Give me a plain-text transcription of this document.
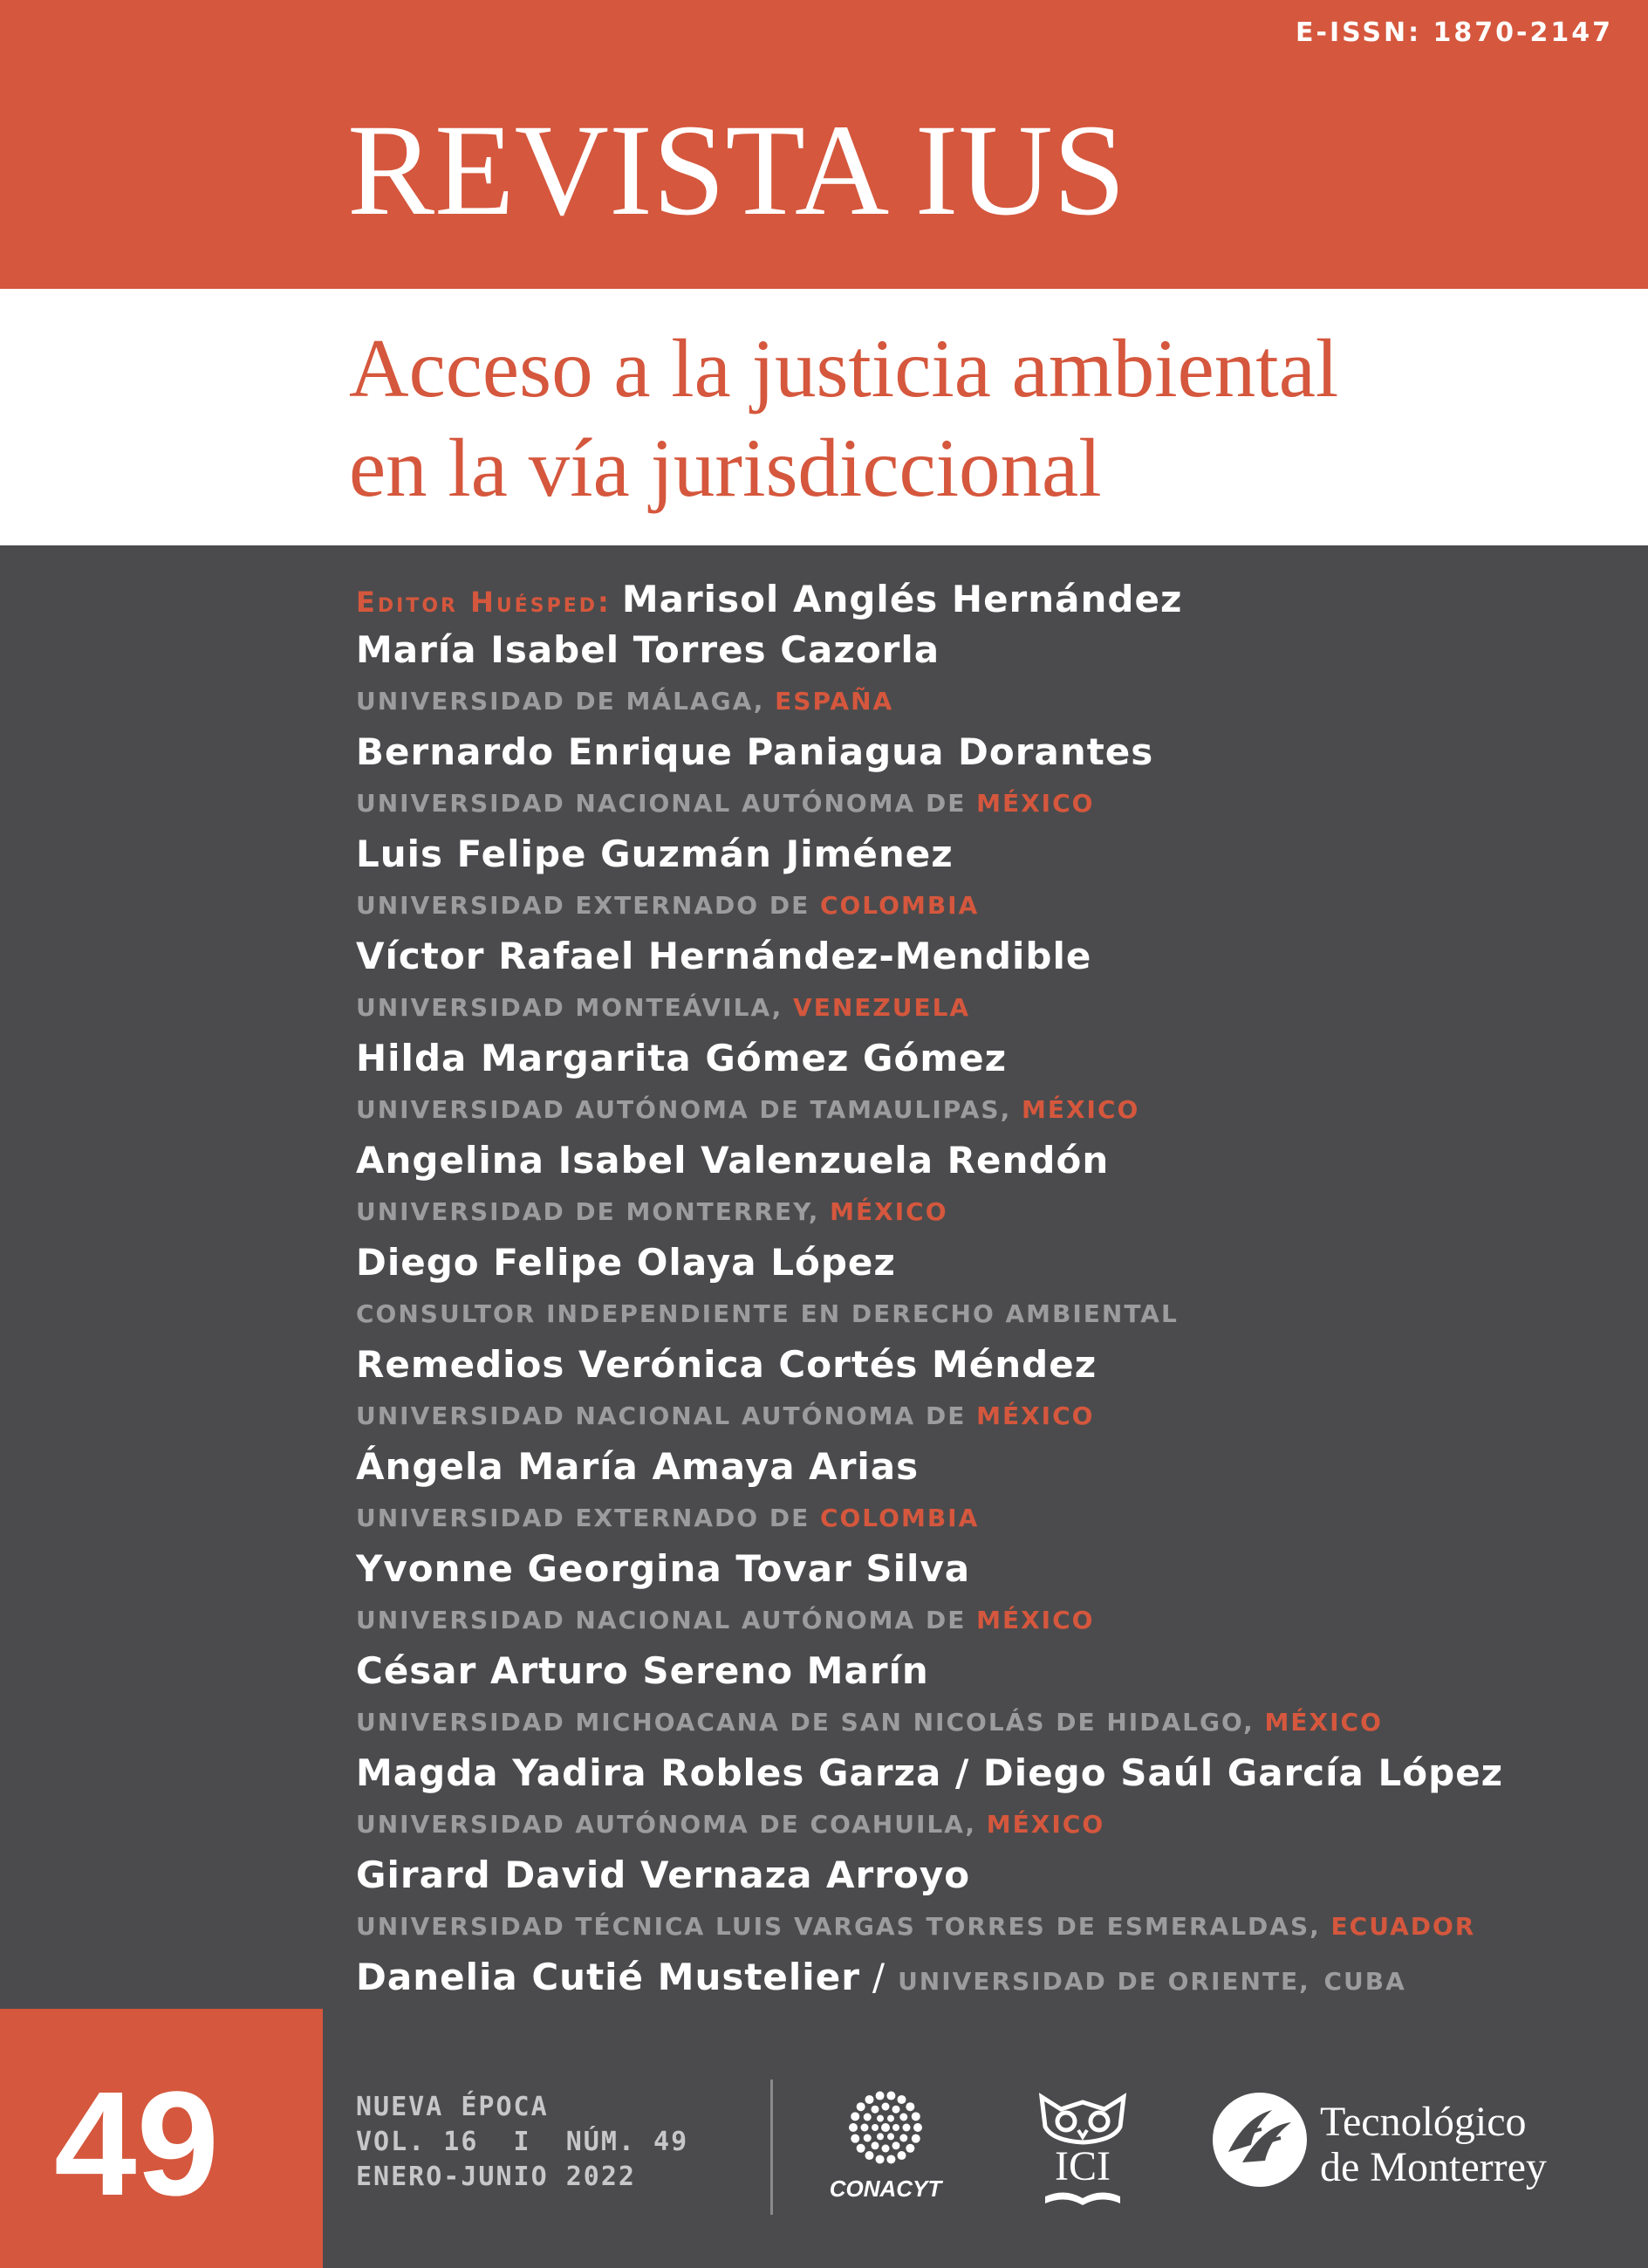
E-ISSN: 1870-2147
REVISTA IUS
Acceso a la justicia ambiental
en la vía jurisdiccional
Editor Huésped: Marisol Anglés Hernández
María Isabel Torres Cazorla
UNIVERSIDAD DE MÁLAGA, ESPAÑA
Bernardo Enrique Paniagua Dorantes
UNIVERSIDAD NACIONAL AUTÓNOMA DE MÉXICO
Luis Felipe Guzmán Jiménez
UNIVERSIDAD EXTERNADO DE COLOMBIA
Víctor Rafael Hernández-Mendible
UNIVERSIDAD MONTEÁVILA, VENEZUELA
Hilda Margarita Gómez Gómez
UNIVERSIDAD AUTÓNOMA DE TAMAULIPAS, MÉXICO
Angelina Isabel Valenzuela Rendón
UNIVERSIDAD DE MONTERREY, MÉXICO
Diego Felipe Olaya López
CONSULTOR INDEPENDIENTE EN DERECHO AMBIENTAL
Remedios Verónica Cortés Méndez
UNIVERSIDAD NACIONAL AUTÓNOMA DE MÉXICO
Ángela María Amaya Arias
UNIVERSIDAD EXTERNADO DE COLOMBIA
Yvonne Georgina Tovar Silva
UNIVERSIDAD NACIONAL AUTÓNOMA DE MÉXICO
César Arturo Sereno Marín
UNIVERSIDAD MICHOACANA DE SAN NICOLÁS DE HIDALGO, MÉXICO
Magda Yadira Robles Garza / Diego Saúl García López
UNIVERSIDAD AUTÓNOMA DE COAHUILA, MÉXICO
Girard David Vernaza Arroyo
UNIVERSIDAD TÉCNICA LUIS VARGAS TORRES DE ESMERALDAS, ECUADOR
Danelia Cutié Mustelier / UNIVERSIDAD DE ORIENTE, CUBA
49	NUEVA ÉPOCA
VOL. 16  I  NÚM. 49
ENERO-JUNIO 2022	CONACYT	ICI
Tecnológico
de Monterrey
